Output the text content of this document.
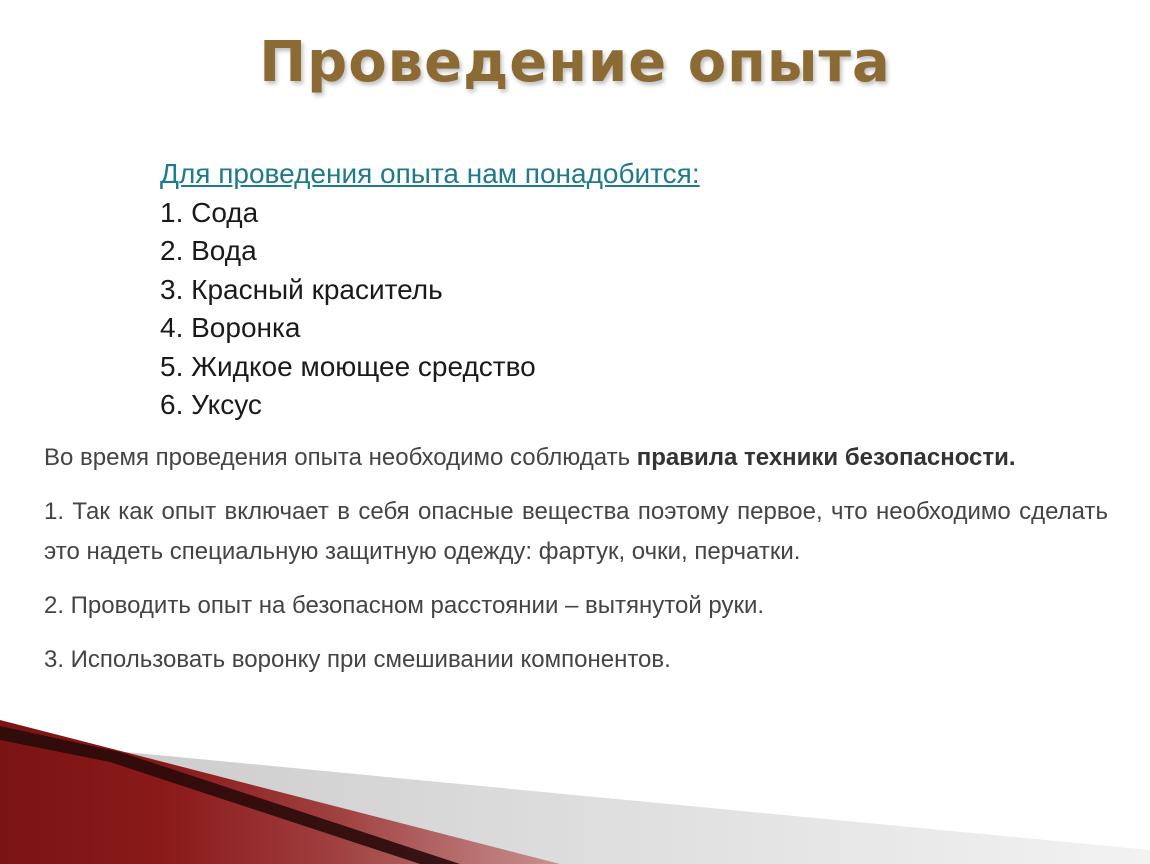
Проведение опыта

Для проведения опыта нам понадобится:

1. Сода
2. Вода
3. Красный краситель
4. Воронка
5. Жидкое моющее средство
6. Уксус

Во время проведения опыта необходимо соблюдать правила техники безопасности.

1. Так как опыт включает в себя опасные вещества поэтому первое, что необходимо сделать это надеть специальную защитную одежду: фартук, очки, перчатки.

2. Проводить опыт на безопасном расстоянии – вытянутой руки.

3. Использовать воронку при смешивании компонентов.
